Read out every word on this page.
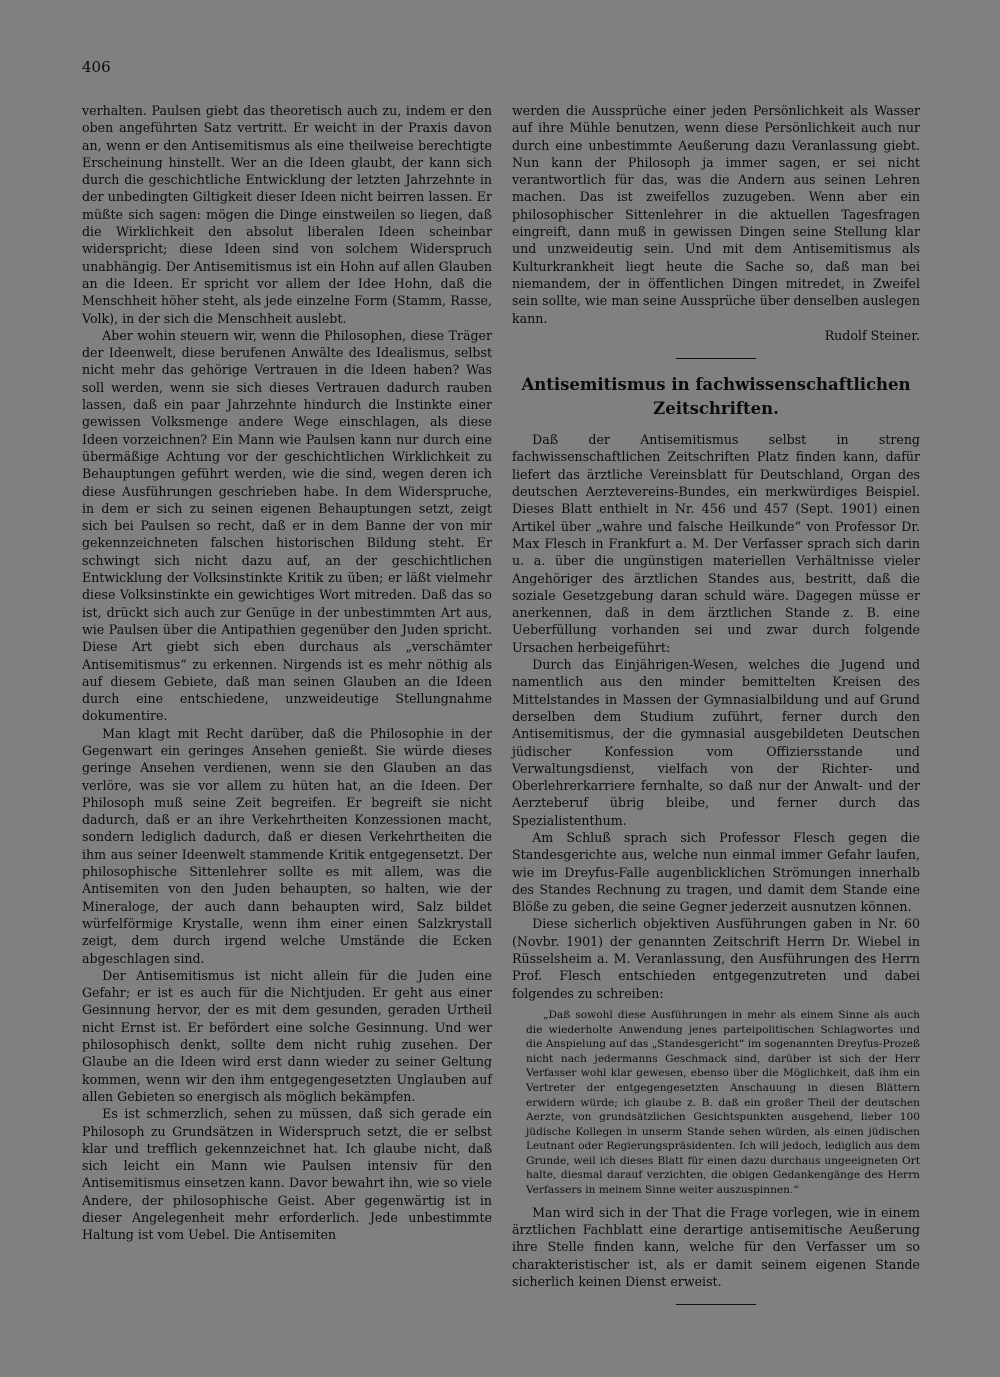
406

verhalten. Paulsen giebt das theoretisch auch zu, indem er den oben angeführten Satz vertritt. Er weicht in der Praxis davon an, wenn er den Antisemitismus als eine theilweise berechtigte Erscheinung hinstellt. Wer an die Ideen glaubt, der kann sich durch die geschichtliche Entwicklung der letzten Jahrzehnte in der unbedingten Giltigkeit dieser Ideen nicht beirren lassen. Er müßte sich sagen: mögen die Dinge einstweilen so liegen, daß die Wirklichkeit den absolut liberalen Ideen scheinbar widerspricht; diese Ideen sind von solchem Widerspruch unabhängig. Der Antisemitismus ist ein Hohn auf allen Glauben an die Ideen. Er spricht vor allem der Idee Hohn, daß die Menschheit höher steht, als jede einzelne Form (Stamm, Rasse, Volk), in der sich die Menschheit auslebt.

Aber wohin steuern wir, wenn die Philosophen, diese Träger der Ideenwelt, diese berufenen Anwälte des Idealismus, selbst nicht mehr das gehörige Vertrauen in die Ideen haben? Was soll werden, wenn sie sich dieses Vertrauen dadurch rauben lassen, daß ein paar Jahrzehnte hindurch die Instinkte einer gewissen Volksmenge andere Wege einschlagen, als diese Ideen vorzeichnen? Ein Mann wie Paulsen kann nur durch eine übermäßige Achtung vor der geschichtlichen Wirklichkeit zu Behauptungen geführt werden, wie die sind, wegen deren ich diese Ausführungen geschrieben habe. In dem Widerspruche, in dem er sich zu seinen eigenen Behauptungen setzt, zeigt sich bei Paulsen so recht, daß er in dem Banne der von mir gekennzeichneten falschen historischen Bildung steht. Er schwingt sich nicht dazu auf, an der geschichtlichen Entwicklung der Volksinstinkte Kritik zu üben; er läßt vielmehr diese Volksinstinkte ein gewichtiges Wort mitreden. Daß das so ist, drückt sich auch zur Genüge in der unbestimmten Art aus, wie Paulsen über die Antipathien gegenüber den Juden spricht. Diese Art giebt sich eben durchaus als „verschämter Antisemitismus“ zu erkennen. Nirgends ist es mehr nöthig als auf diesem Gebiete, daß man seinen Glauben an die Ideen durch eine entschiedene, unzweideutige Stellungnahme dokumentire.

Man klagt mit Recht darüber, daß die Philosophie in der Gegenwart ein geringes Ansehen genießt. Sie würde dieses geringe Ansehen verdienen, wenn sie den Glauben an das verlöre, was sie vor allem zu hüten hat, an die Ideen. Der Philosoph muß seine Zeit begreifen. Er begreift sie nicht dadurch, daß er an ihre Verkehrtheiten Konzessionen macht, sondern lediglich dadurch, daß er diesen Verkehrtheiten die ihm aus seiner Ideenwelt stammende Kritik entgegensetzt. Der philosophische Sittenlehrer sollte es mit allem, was die Antisemiten von den Juden behaupten, so halten, wie der Mineraloge, der auch dann behaupten wird, Salz bildet würfelförmige Krystalle, wenn ihm einer einen Salzkrystall zeigt, dem durch irgend welche Umstände die Ecken abgeschlagen sind.

Der Antisemitismus ist nicht allein für die Juden eine Gefahr; er ist es auch für die Nichtjuden. Er geht aus einer Gesinnung hervor, der es mit dem gesunden, geraden Urtheil nicht Ernst ist. Er befördert eine solche Gesinnung. Und wer philosophisch denkt, sollte dem nicht ruhig zusehen. Der Glaube an die Ideen wird erst dann wieder zu seiner Geltung kommen, wenn wir den ihm entgegengesetzten Unglauben auf allen Gebieten so energisch als möglich bekämpfen.

Es ist schmerzlich, sehen zu müssen, daß sich gerade ein Philosoph zu Grundsätzen in Widerspruch setzt, die er selbst klar und trefflich gekennzeichnet hat. Ich glaube nicht, daß sich leicht ein Mann wie Paulsen intensiv für den Antisemitismus einsetzen kann. Davor bewahrt ihn, wie so viele Andere, der philosophische Geist. Aber gegenwärtig ist in dieser Angelegenheit mehr erforderlich. Jede unbestimmte Haltung ist vom Uebel. Die Antisemiten

werden die Aussprüche einer jeden Persönlichkeit als Wasser auf ihre Mühle benutzen, wenn diese Persönlichkeit auch nur durch eine unbestimmte Aeußerung dazu Veranlassung giebt. Nun kann der Philosoph ja immer sagen, er sei nicht verantwortlich für das, was die Andern aus seinen Lehren machen. Das ist zweifellos zuzugeben. Wenn aber ein philosophischer Sittenlehrer in die aktuellen Tagesfragen eingreift, dann muß in gewissen Dingen seine Stellung klar und unzweideutig sein. Und mit dem Antisemitismus als Kulturkrankheit liegt heute die Sache so, daß man bei niemandem, der in öffentlichen Dingen mitredet, in Zweifel sein sollte, wie man seine Aussprüche über denselben auslegen kann.

Rudolf Steiner.
Antisemitismus in fachwissenschaftlichen
Zeitschriften.

Daß der Antisemitismus selbst in streng fachwissenschaftlichen Zeitschriften Platz finden kann, dafür liefert das ärztliche Vereinsblatt für Deutschland, Organ des deutschen Aerztevereins-Bundes, ein merkwürdiges Beispiel. Dieses Blatt enthielt in Nr. 456 und 457 (Sept. 1901) einen Artikel über „wahre und falsche Heilkunde“ von Professor Dr. Max Flesch in Frankfurt a. M. Der Verfasser sprach sich darin u. a. über die ungünstigen materiellen Verhältnisse vieler Angehöriger des ärztlichen Standes aus, bestritt, daß die soziale Gesetzgebung daran schuld wäre. Dagegen müsse er anerkennen, daß in dem ärztlichen Stande z. B. eine Ueberfüllung vorhanden sei und zwar durch folgende Ursachen herbeigeführt:

Durch das Einjährigen-Wesen, welches die Jugend und namentlich aus den minder bemittelten Kreisen des Mittelstandes in Massen der Gymnasialbildung und auf Grund derselben dem Studium zuführt, ferner durch den Antisemitismus, der die gymnasial ausgebildeten Deutschen jüdischer Konfession vom Offiziersstande und Verwaltungsdienst, vielfach von der Richter- und Oberlehrerkarriere fernhalte, so daß nur der Anwalt- und der Aerzteberuf übrig bleibe, und ferner durch das Spezialistenthum.

Am Schluß sprach sich Professor Flesch gegen die Standesgerichte aus, welche nun einmal immer Gefahr laufen, wie im Dreyfus-Falle augenblicklichen Strömungen innerhalb des Standes Rechnung zu tragen, und damit dem Stande eine Blöße zu geben, die seine Gegner jederzeit ausnutzen können.

Diese sicherlich objektiven Ausführungen gaben in Nr. 60 (Novbr. 1901) der genannten Zeitschrift Herrn Dr. Wiebel in Rüsselsheim a. M. Veranlassung, den Ausführungen des Herrn Prof. Flesch entschieden entgegenzutreten und dabei folgendes zu schreiben:

„Daß sowohl diese Ausführungen in mehr als einem Sinne als auch die wiederholte Anwendung jenes parteipolitischen Schlagwortes und die Anspielung auf das „Standesgericht“ im sogenannten Dreyfus-Prozeß nicht nach jedermanns Geschmack sind, darüber ist sich der Herr Verfasser wohl klar gewesen, ebenso über die Möglichkeit, daß ihm ein Vertreter der entgegengesetzten Anschauung in diesen Blättern erwidern würde; ich glaube z. B. daß ein großer Theil der deutschen Aerzte, von grundsätzlichen Gesichtspunkten ausgehend, lieber 100 jüdische Kollegen in unserm Stande sehen würden, als einen jüdischen Leutnant oder Regierungspräsidenten. Ich will jedoch, lediglich aus dem Grunde, weil ich dieses Blatt für einen dazu durchaus ungeeigneten Ort halte, diesmal darauf verzichten, die obigen Gedankengänge des Herrn Verfassers in meinem Sinne weiter auszuspinnen.“

Man wird sich in der That die Frage vorlegen, wie in einem ärztlichen Fachblatt eine derartige antisemitische Aeußerung ihre Stelle finden kann, welche für den Verfasser um so charakteristischer ist, als er damit seinem eigenen Stande sicherlich keinen Dienst erweist.
